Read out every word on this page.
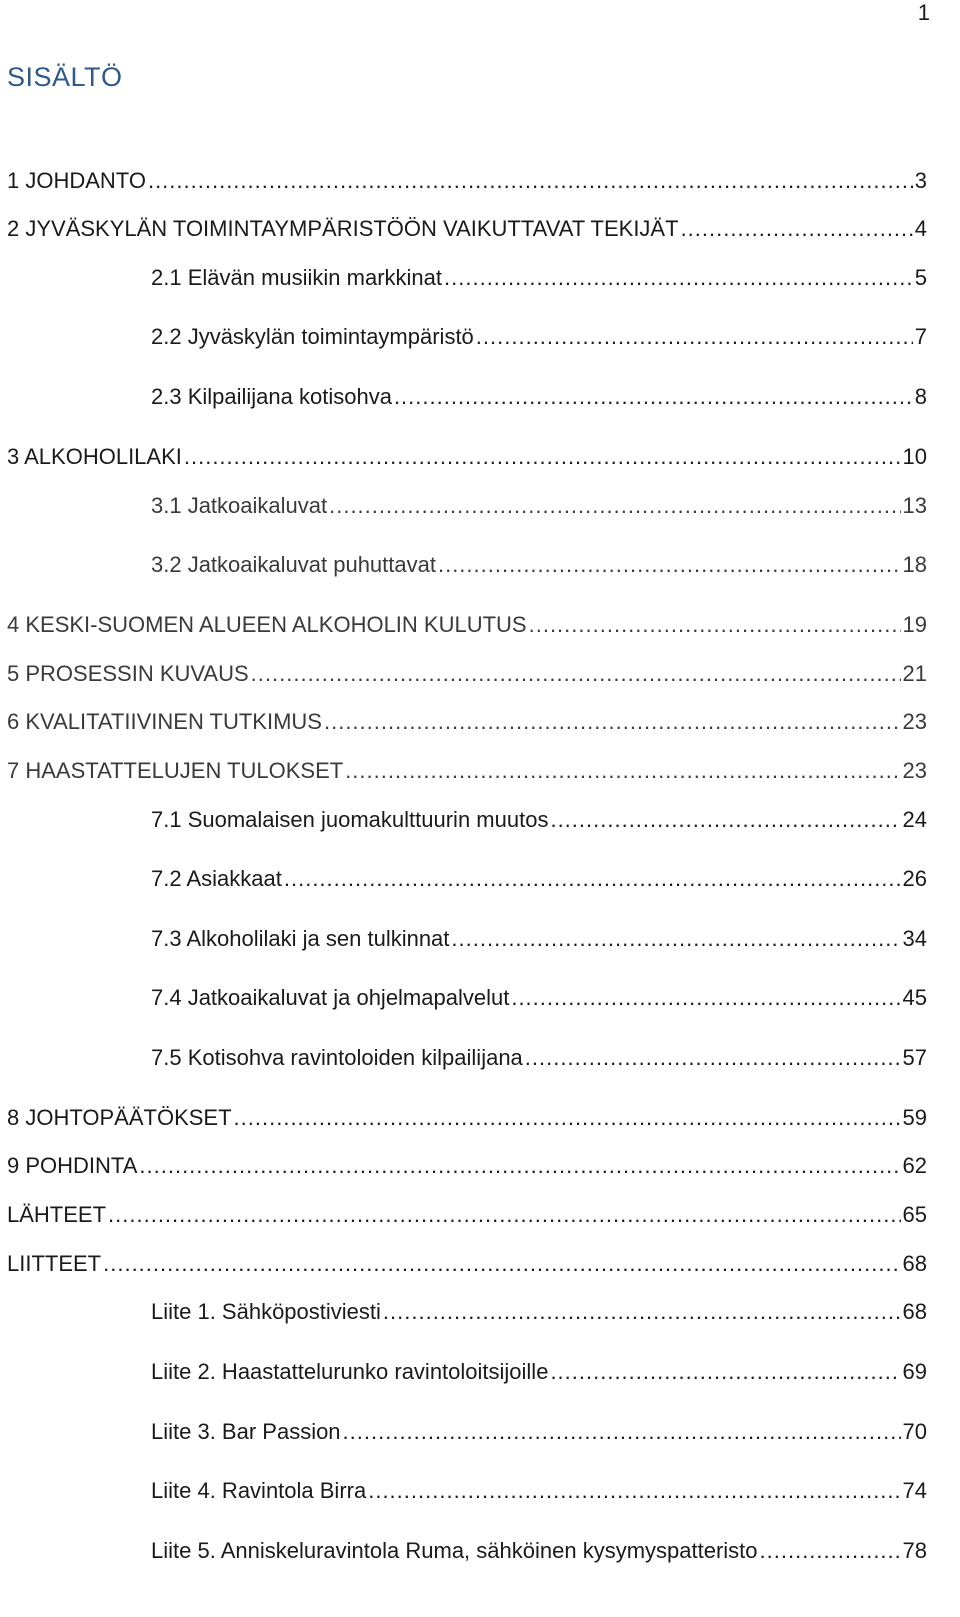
1
SISÄLTÖ
1 JOHDANTO .....	3
2 JYVÄSKYLÄN TOIMINTAYMPÄRISTÖÖN VAIKUTTAVAT TEKIJÄT .....	4
2.1 Elävän musiikin markkinat .....	5
2.2 Jyväskylän toimintaympäristö .....	7
2.3 Kilpailijana kotisohva .....	8
3 ALKOHOLILAKI .....	10
3.1 Jatkoaikaluvat .....	13
3.2 Jatkoaikaluvat puhuttavat .....	18
4 KESKI-SUOMEN ALUEEN ALKOHOLIN KULUTUS .....	19
5 PROSESSIN KUVAUS .....	21
6 KVALITATIIVINEN TUTKIMUS .....	23
7 HAASTATTELUJEN TULOKSET .....	23
7.1 Suomalaisen juomakulttuurin muutos .....	24
7.2 Asiakkaat .....	26
7.3 Alkoholilaki ja sen tulkinnat .....	34
7.4 Jatkoaikaluvat ja ohjelmapalvelut .....	45
7.5 Kotisohva ravintoloiden kilpailijana .....	57
8 JOHTOPÄÄTÖKSET .....	59
9 POHDINTA .....	62
LÄHTEET .....	65
LIITTEET .....	68
Liite 1. Sähköpostiviesti .....	68
Liite 2. Haastattelurunko ravintoloitsijoille .....	69
Liite 3. Bar Passion .....	70
Liite 4. Ravintola Birra .....	74
Liite 5. Anniskeluravintola Ruma, sähköinen kysymyspatteristo .....	78
